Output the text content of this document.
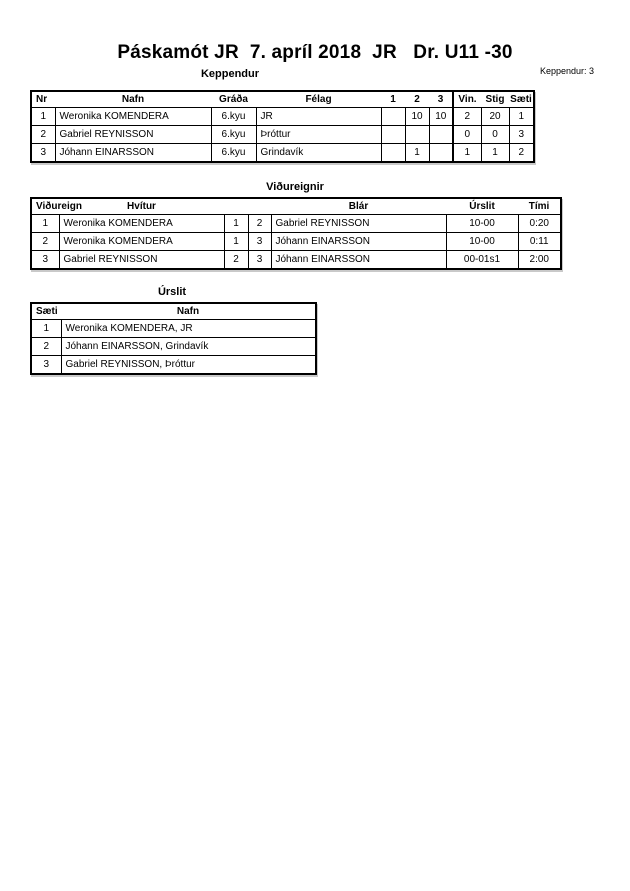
Páskamót JR  7. apríl 2018  JR   Dr. U11 -30
Keppendur	Keppendur: 3
Nr	Nafn	Gráða	Félag	1	2	3	Vin.	Stig	Sæti
1	Weronika KOMENDERA	6.kyu	JR		10	10	2	20	1
2	Gabriel REYNISSON	6.kyu	Þróttur				0	0	3
3	Jóhann EINARSSON	6.kyu	Grindavík		1		1	1	2
Viðureignir
Viðureign	Hvítur			Blár	Úrslit	Tími
1	Weronika KOMENDERA	1	2	Gabriel REYNISSON	10-00	0:20
2	Weronika KOMENDERA	1	3	Jóhann EINARSSON	10-00	0:11
3	Gabriel REYNISSON	2	3	Jóhann EINARSSON	00-01s1	2:00
Úrslit
Sæti	Nafn
1	Weronika KOMENDERA, JR
2	Jóhann EINARSSON, Grindavík
3	Gabriel REYNISSON, Þróttur
